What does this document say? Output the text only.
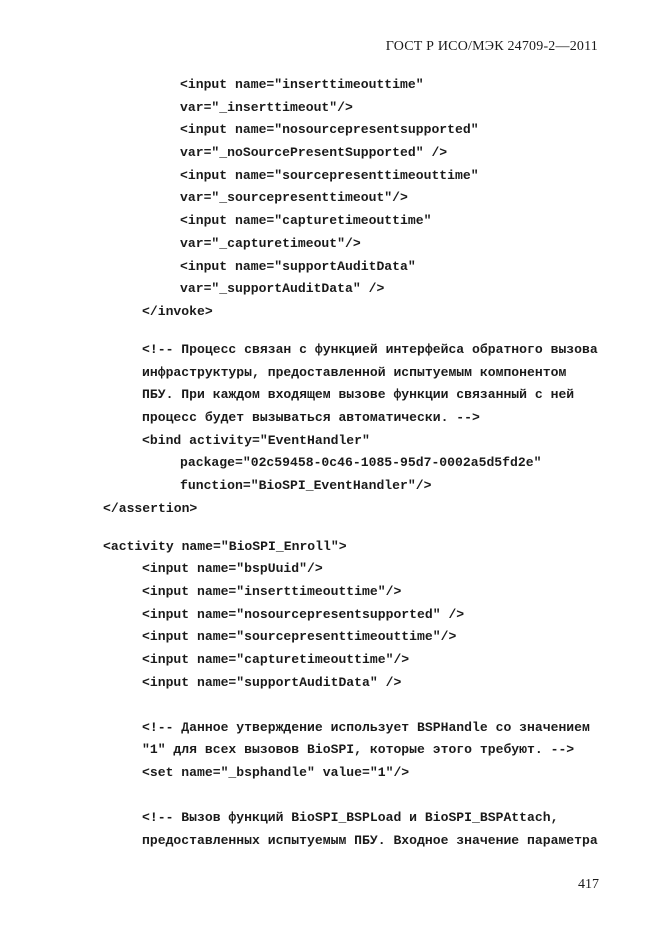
ГОСТ Р ИСО/МЭК 24709-2—2011
<input name="inserttimeouttime"
var="_inserttimeout"/>
<input name="nosourcepresentsupported"
var="_noSourcePresentSupported" />
<input name="sourcepresenttimeouttime"
var="_sourcepresenttimeout"/>
<input name="capturetimeouttime"
var="_capturetimeout"/>
<input name="supportAuditData"
var="_supportAuditData" />
</invoke>
<!-- Процесс связан с функцией интерфейса обратного вызова
инфраструктуры, предоставленной испытуемым компонентом
ПБУ. При каждом входящем вызове функции связанный с ней
процесс будет вызываться автоматически. -->
<bind activity="EventHandler"
package="02c59458-0c46-1085-95d7-0002a5d5fd2e"
function="BioSPI_EventHandler"/>
</assertion>
<activity name="BioSPI_Enroll">
<input name="bspUuid"/>
<input name="inserttimeouttime"/>
<input name="nosourcepresentsupported" />
<input name="sourcepresenttimeouttime"/>
<input name="capturetimeouttime"/>
<input name="supportAuditData" />
<!-- Данное утверждение использует BSPHandle со значением
"1" для всех вызовов BioSPI, которые этого требуют. -->
<set name="_bsphandle" value="1"/>
<!-- Вызов функций BioSPI_BSPLoad и BioSPI_BSPAttach,
предоставленных испытуемым ПБУ. Входное значение параметра
417
